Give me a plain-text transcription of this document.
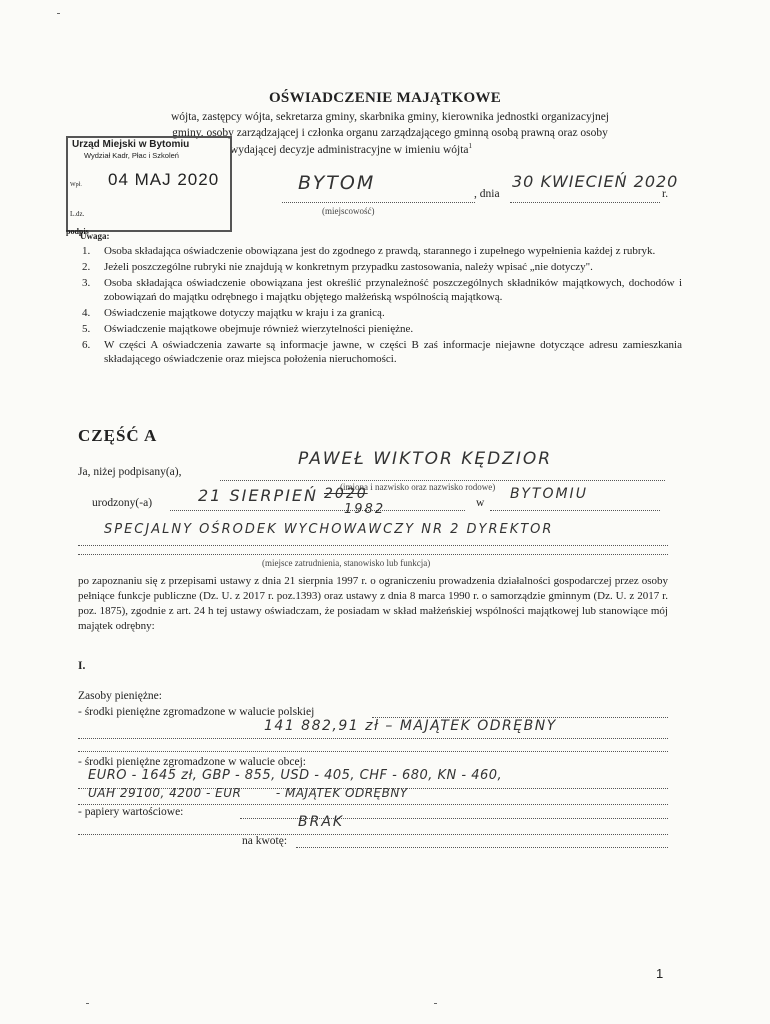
OŚWIADCZENIE MAJĄTKOWE
wójta, zastępcy wójta, sekretarza gminy, skarbnika gminy, kierownika jednostki organizacyjnej
gminy, osoby zarządzającej i członka organu zarządzającego gminną osobą prawną oraz osoby
wydającej decyzje administracyjne w imieniu wójta$^1$
Urząd Miejski w Bytomiu
Wydział Kadr, Płac i Szkoleń
Wpł. 04 MAJ 2020
L.dz.
podpis
BYTOM
(miejscowość)
, dnia
30 KWIECIEŃ 2020
r.
Uwaga:
1.	Osoba składająca oświadczenie obowiązana jest do zgodnego z prawdą, starannego i zupełnego wypełnienia każdej z rubryk.
2.	Jeżeli poszczególne rubryki nie znajdują w konkretnym przypadku zastosowania, należy wpisać „nie dotyczy".
3.	Osoba składająca oświadczenie obowiązana jest określić przynależność poszczególnych składników majątkowych, dochodów i zobowiązań do majątku odrębnego i majątku objętego małżeńską wspólnością majątkową.
4.	Oświadczenie majątkowe dotyczy majątku w kraju i za granicą.
5.	Oświadczenie majątkowe obejmuje również wierzytelności pieniężne.
6.	W części A oświadczenia zawarte są informacje jawne, w części B zaś informacje niejawne dotyczące adresu zamieszkania składającego oświadczenie oraz miejsca położenia nieruchomości.
CZĘŚĆ A
Ja, niżej podpisany(a),
PAWEŁ WIKTOR KĘDZIOR
(imiona i nazwisko oraz nazwisko rodowe)
urodzony(-a)	21 SIERPIEŃ 2020
1982	w
BYTOMIU
SPECJALNY OŚRODEK WYCHOWAWCZY NR 2 DYREKTOR
(miejsce zatrudnienia, stanowisko lub funkcja)
po zapoznaniu się z przepisami ustawy z dnia 21 sierpnia 1997 r. o ograniczeniu prowadzenia działalności gospodarczej przez osoby pełniące funkcje publiczne (Dz. U. z 2017 r. poz.1393) oraz ustawy z dnia 8 marca 1990 r. o samorządzie gminnym (Dz. U. z 2017 r. poz. 1875), zgodnie z art. 24 h tej ustawy oświadczam, że posiadam w skład małżeńskiej wspólności majątkowej lub stanowiące mój majątek odrębny:
I.
Zasoby pieniężne:
- środki pieniężne zgromadzone w walucie polskiej
141 882,91 zł – MAJĄTEK ODRĘBNY
- środki pieniężne zgromadzone w walucie obcej:
EURO - 1645 zł, GBP - 855, USD - 405, CHF - 680, KN - 460,
UAH 29100, 4200 - EUR        - MAJĄTEK ODRĘBNY
- papiery wartościowe:
BRAK
na kwotę:
1
